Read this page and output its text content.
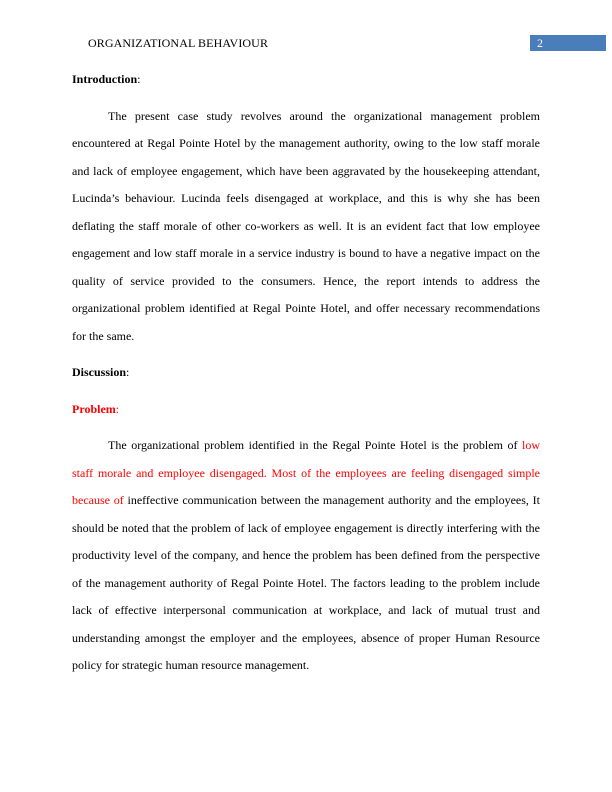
ORGANIZATIONAL BEHAVIOUR	2

Introduction:

The present case study revolves around the organizational management problem encountered at Regal Pointe Hotel by the management authority, owing to the low staff morale and lack of employee engagement, which have been aggravated by the housekeeping attendant, Lucinda’s behaviour. Lucinda feels disengaged at workplace, and this is why she has been deflating the staff morale of other co-workers as well. It is an evident fact that low employee engagement and low staff morale in a service industry is bound to have a negative impact on the quality of service provided to the consumers. Hence, the report intends to address the organizational problem identified at Regal Pointe Hotel, and offer necessary recommendations for the same.

Discussion:

Problem:

The organizational problem identified in the Regal Pointe Hotel is the problem of low staff morale and employee disengaged. Most of the employees are feeling disengaged simple because of ineffective communication between the management authority and the employees, It should be noted that the problem of lack of employee engagement is directly interfering with the productivity level of the company, and hence the problem has been defined from the perspective of the management authority of Regal Pointe Hotel. The factors leading to the problem include lack of effective interpersonal communication at workplace, and lack of mutual trust and understanding amongst the employer and the employees, absence of proper Human Resource policy for strategic human resource management.
